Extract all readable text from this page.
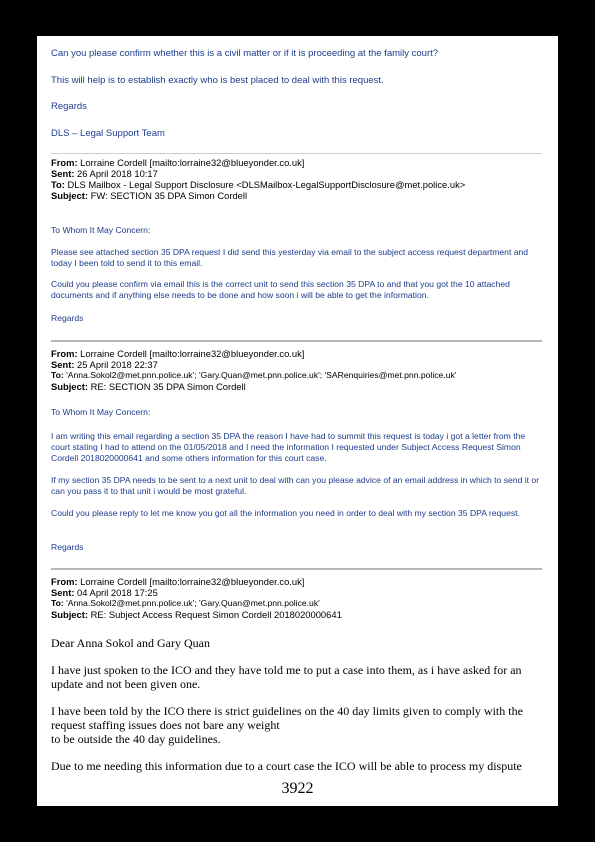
Can you please confirm whether this is a civil matter or if it is proceeding at the family court?
This will help is to establish exactly who is best placed to deal with this request.
Regards
DLS – Legal Support Team
From: Lorraine Cordell [mailto:lorraine32@blueyonder.co.uk]
Sent: 26 April 2018 10:17
To: DLS Mailbox - Legal Support Disclosure <DLSMailbox-LegalSupportDisclosure@met.police.uk>
Subject: FW: SECTION 35 DPA Simon Cordell
To Whom It May Concern:
Please see attached section 35 DPA request I did send this yesterday via email to the subject access request department and today I been told to send it to this email.
Could you please confirm via email this is the correct unit to send this section 35 DPA to and that you got the 10 attached documents and if anything else needs to be done and how soon i will be able to get the information.
Regards
From: Lorraine Cordell [mailto:lorraine32@blueyonder.co.uk]
Sent: 25 April 2018 22:37
To: 'Anna.Sokol2@met.pnn.police.uk'; 'Gary.Quan@met.pnn.police.uk'; 'SARenquiries@met.pnn.police.uk'
Subject: RE: SECTION 35 DPA Simon Cordell
To Whom It May Concern:
I am writing this email regarding a section 35 DPA the reason I have had to summit this request is today i got a letter from the court stating I had to attend on the 01/05/2018 and I need the information I requested under Subject Access Request Simon Cordell 2018020000641 and some others information for this court case.
If my section 35 DPA needs to be sent to a next unit to deal with can you please advice of an email address in which to send it or can you pass it to that unit i would be most grateful.
Could you please reply to let me know you got all the information you need in order to deal with my section 35 DPA request.
Regards
From: Lorraine Cordell [mailto:lorraine32@blueyonder.co.uk]
Sent: 04 April 2018 17:25
To: 'Anna.Sokol2@met.pnn.police.uk'; 'Gary.Quan@met.pnn.police.uk'
Subject: RE: Subject Access Request Simon Cordell 2018020000641
Dear Anna Sokol and Gary Quan
I have just spoken to the ICO and they have told me to put a case into them, as i have asked for an update and not been given one.
I have been told by the ICO there is strict guidelines on the 40 day limits given to comply with the request staffing issues does not bare any weight
to be outside the 40 day guidelines.
Due to me needing this information due to a court case the ICO will be able to process my dispute
3922
